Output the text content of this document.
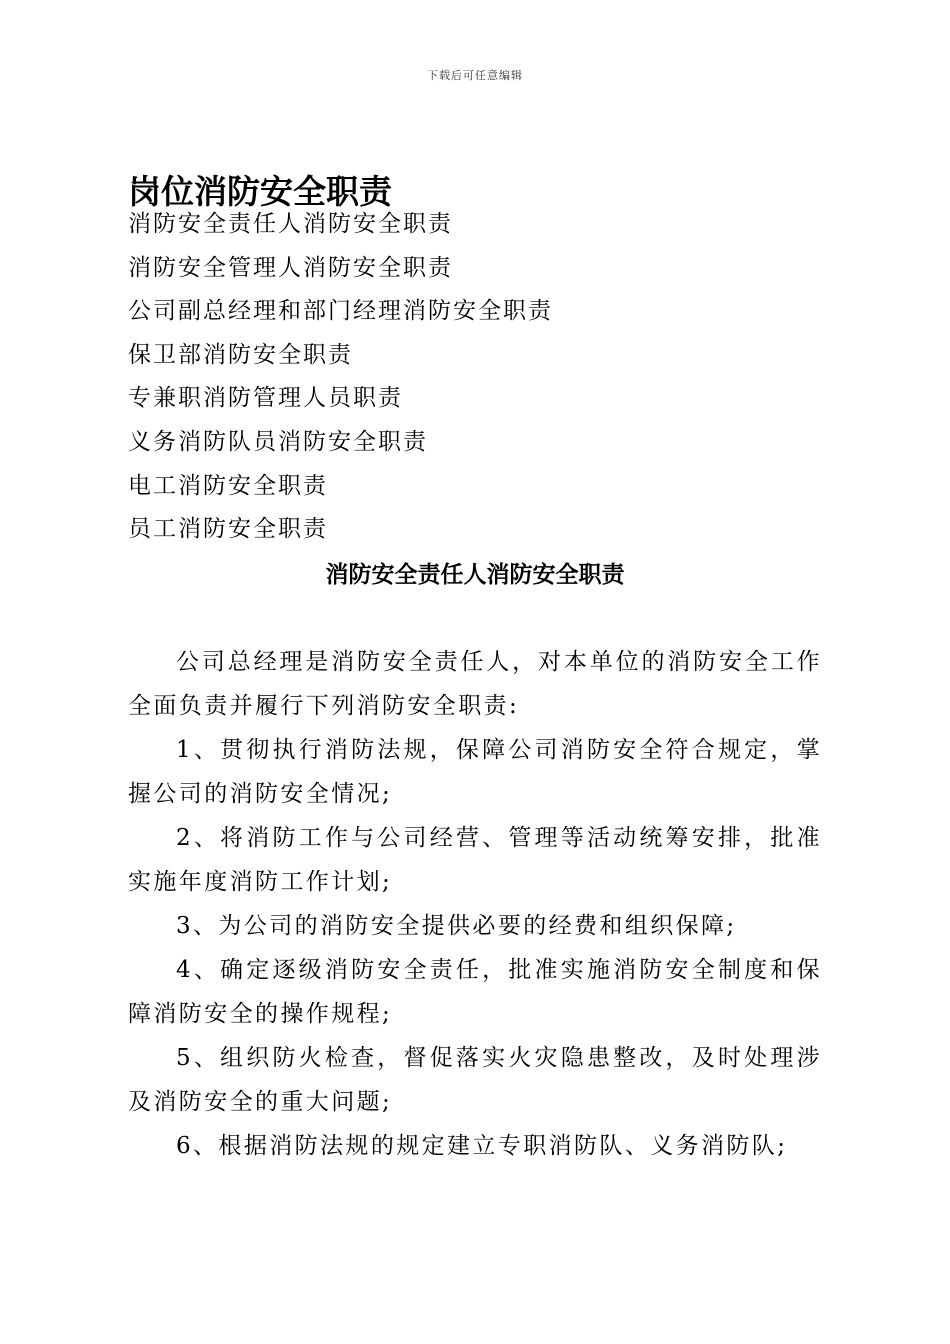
下载后可任意编辑
岗位消防安全职责
消防安全责任人消防安全职责
消防安全管理人消防安全职责
公司副总经理和部门经理消防安全职责
保卫部消防安全职责
专兼职消防管理人员职责
义务消防队员消防安全职责
电工消防安全职责
员工消防安全职责
消防安全责任人消防安全职责

公司总经理是消防安全责任人，对本单位的消防安全工作全面负责并履行下列消防安全职责:

1、贯彻执行消防法规，保障公司消防安全符合规定，掌握公司的消防安全情况;

2、将消防工作与公司经营、管理等活动统筹安排，批准实施年度消防工作计划;

3、为公司的消防安全提供必要的经费和组织保障;

4、确定逐级消防安全责任，批准实施消防安全制度和保障消防安全的操作规程;

5、组织防火检查，督促落实火灾隐患整改，及时处理涉及消防安全的重大问题;

6、根据消防法规的规定建立专职消防队、义务消防队;
